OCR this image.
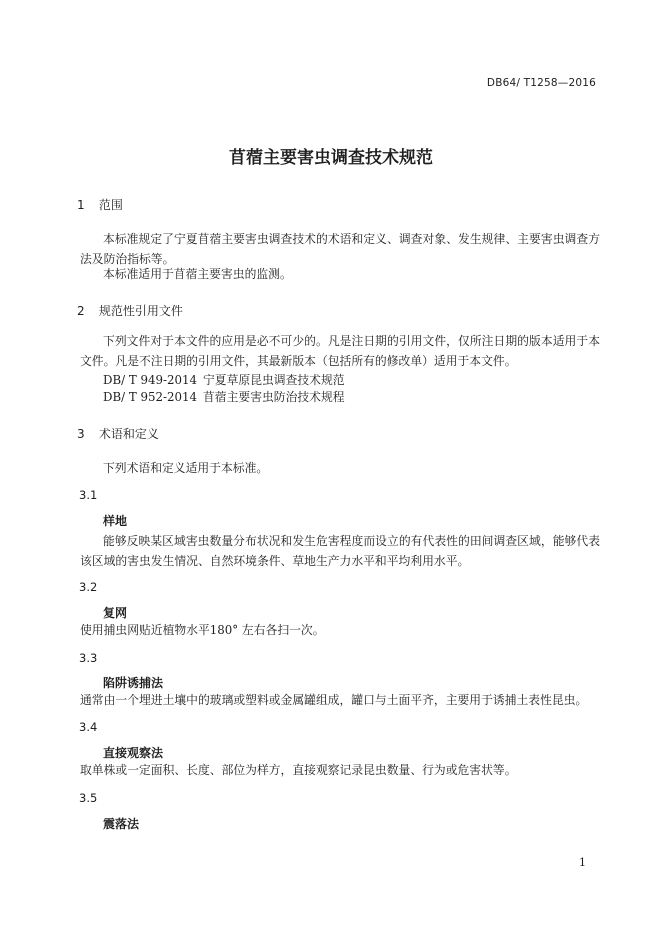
DB64/ T1258—2016
苜蓿主要害虫调查技术规范
1 范围
本标准规定了宁夏苜蓿主要害虫调查技术的术语和定义、调查对象、发生规律、主要害虫调查方法及防治指标等。
本标准适用于苜蓿主要害虫的监测。
2 规范性引用文件
下列文件对于本文件的应用是必不可少的。凡是注日期的引用文件，仅所注日期的版本适用于本文件。凡是不注日期的引用文件，其最新版本（包括所有的修改单）适用于本文件。
DB/ T 949-2014 宁夏草原昆虫调查技术规范
DB/ T 952-2014 苜蓿主要害虫防治技术规程
3 术语和定义
下列术语和定义适用于本标准。
3.1
样地
能够反映某区域害虫数量分布状况和发生危害程度而设立的有代表性的田间调查区域，能够代表该区域的害虫发生情况、自然环境条件、草地生产力水平和平均利用水平。
3.2
复网
使用捕虫网贴近植物水平180° 左右各扫一次。
3.3
陷阱诱捕法
通常由一个埋进土壤中的玻璃或塑料或金属罐组成，罐口与土面平齐，主要用于诱捕土表性昆虫。
3.4
直接观察法
取单株或一定面积、长度、部位为样方，直接观察记录昆虫数量、行为或危害状等。
3.5
震落法
1
